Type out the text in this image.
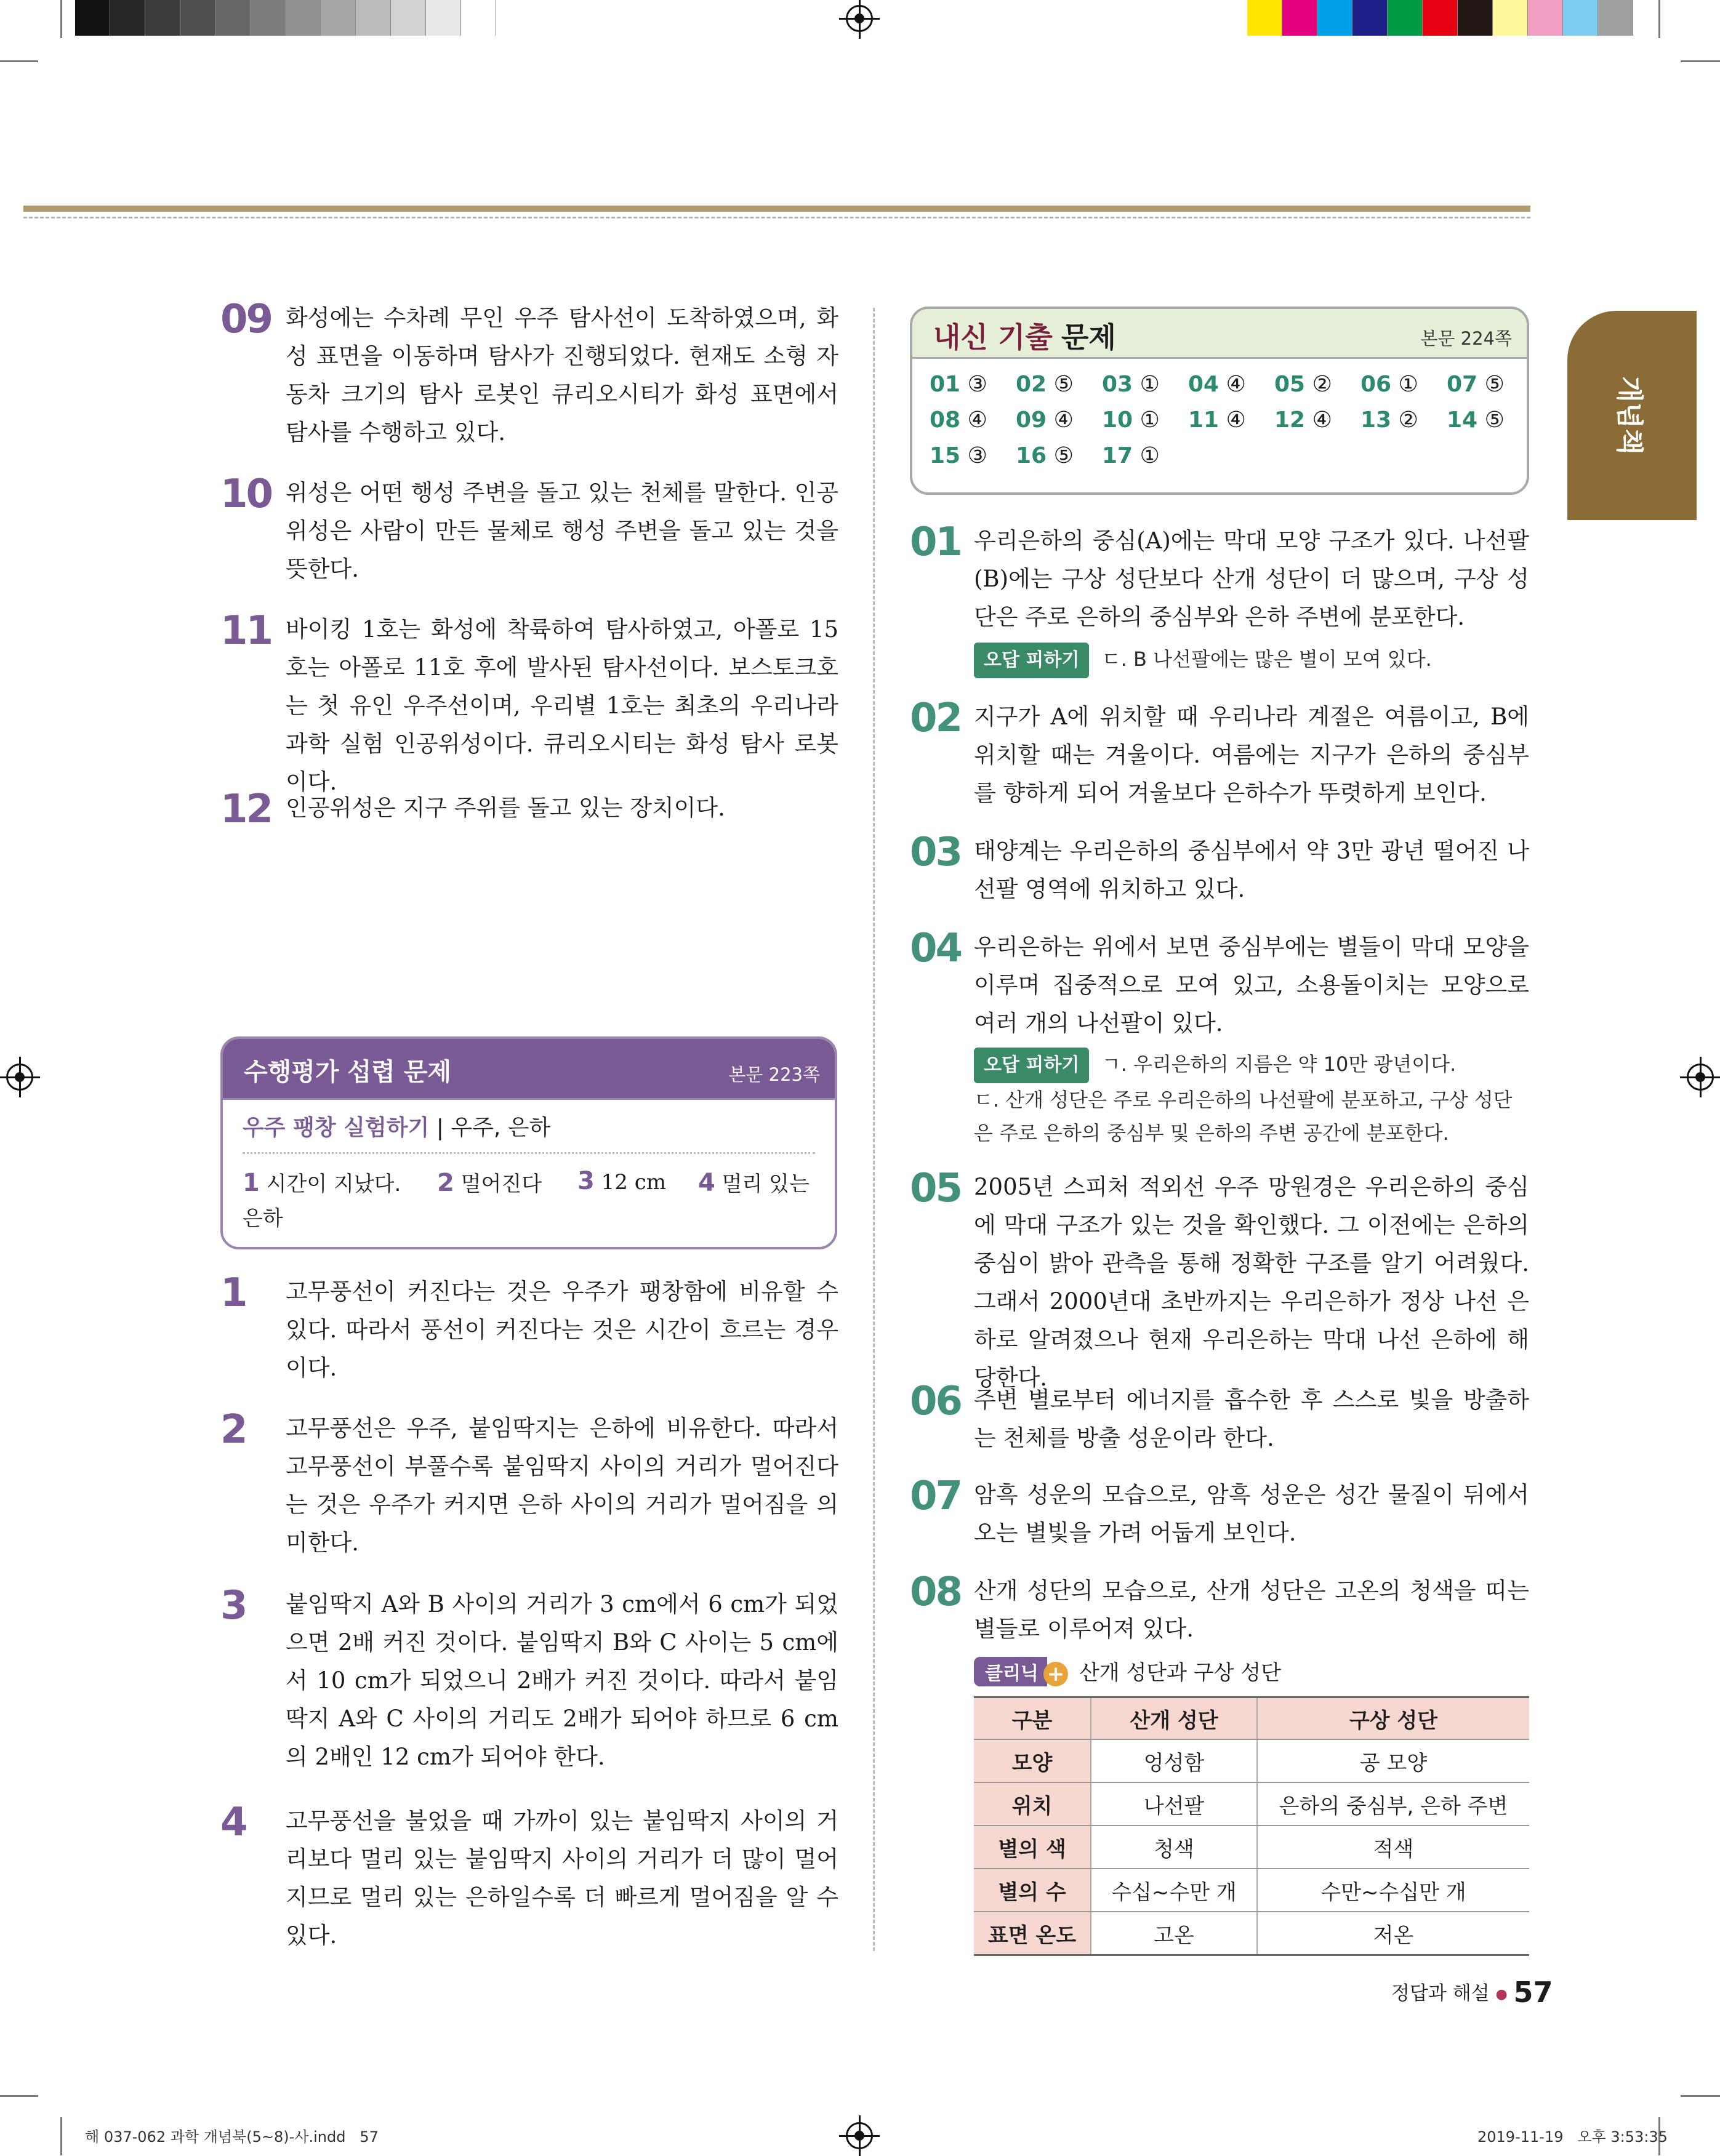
개념책
09 화성에는 수차례 무인 우주 탐사선이 도착하였으며, 화성 표면을 이동하며 탐사가 진행되었다. 현재도 소형 자동차 크기의 탐사 로봇인 큐리오시티가 화성 표면에서 탐사를 수행하고 있다.
10 위성은 어떤 행성 주변을 돌고 있는 천체를 말한다. 인공위성은 사람이 만든 물체로 행성 주변을 돌고 있는 것을 뜻한다.
11 바이킹 1호는 화성에 착륙하여 탐사하였고, 아폴로 15호는 아폴로 11호 후에 발사된 탐사선이다. 보스토크호는 첫 유인 우주선이며, 우리별 1호는 최초의 우리나라 과학 실험 인공위성이다. 큐리오시티는 화성 탐사 로봇이다.
12 인공위성은 지구 주위를 돌고 있는 장치이다.
수행평가 섭렵 문제	본문 223쪽
우주 팽창 실험하기 | 우주, 은하
1 시간이 지났다. 2 멀어진다 3 12 cm 4 멀리 있는
은하
1 고무풍선이 커진다는 것은 우주가 팽창함에 비유할 수 있다. 따라서 풍선이 커진다는 것은 시간이 흐르는 경우이다.
2 고무풍선은 우주, 붙임딱지는 은하에 비유한다. 따라서 고무풍선이 부풀수록 붙임딱지 사이의 거리가 멀어진다는 것은 우주가 커지면 은하 사이의 거리가 멀어짐을 의미한다.
3 붙임딱지 A와 B 사이의 거리가 3 cm에서 6 cm가 되었으면 2배 커진 것이다. 붙임딱지 B와 C 사이는 5 cm에서 10 cm가 되었으니 2배가 커진 것이다. 따라서 붙임딱지 A와 C 사이의 거리도 2배가 되어야 하므로 6 cm의 2배인 12 cm가 되어야 한다.
4 고무풍선을 불었을 때 가까이 있는 붙임딱지 사이의 거리보다 멀리 있는 붙임딱지 사이의 거리가 더 많이 멀어지므로 멀리 있는 은하일수록 더 빠르게 멀어짐을 알 수 있다.
내신 기출 문제	본문 224쪽
01 ③ 02 ⑤ 03 ① 04 ④ 05 ② 06 ① 07 ⑤
08 ④ 09 ④ 10 ① 11 ④ 12 ④ 13 ② 14 ⑤
15 ③ 16 ⑤ 17 ①
01 우리은하의 중심(A)에는 막대 모양 구조가 있다. 나선팔(B)에는 구상 성단보다 산개 성단이 더 많으며, 구상 성단은 주로 은하의 중심부와 은하 주변에 분포한다.
오답 피하기 ㄷ. B 나선팔에는 많은 별이 모여 있다.
02 지구가 A에 위치할 때 우리나라 계절은 여름이고, B에 위치할 때는 겨울이다. 여름에는 지구가 은하의 중심부를 향하게 되어 겨울보다 은하수가 뚜렷하게 보인다.
03 태양계는 우리은하의 중심부에서 약 3만 광년 떨어진 나선팔 영역에 위치하고 있다.
04 우리은하는 위에서 보면 중심부에는 별들이 막대 모양을 이루며 집중적으로 모여 있고, 소용돌이치는 모양으로 여러 개의 나선팔이 있다.
오답 피하기 ㄱ. 우리은하의 지름은 약 10만 광년이다.
ㄷ. 산개 성단은 주로 우리은하의 나선팔에 분포하고, 구상 성단은 주로 은하의 중심부 및 은하의 주변 공간에 분포한다.
05 2005년 스피처 적외선 우주 망원경은 우리은하의 중심에 막대 구조가 있는 것을 확인했다. 그 이전에는 은하의 중심이 밝아 관측을 통해 정확한 구조를 알기 어려웠다. 그래서 2000년대 초반까지는 우리은하가 정상 나선 은하로 알려졌으나 현재 우리은하는 막대 나선 은하에 해당한다.
06 주변 별로부터 에너지를 흡수한 후 스스로 빛을 방출하는 천체를 방출 성운이라 한다.
07 암흑 성운의 모습으로, 암흑 성운은 성간 물질이 뒤에서 오는 별빛을 가려 어둡게 보인다.
08 산개 성단의 모습으로, 산개 성단은 고온의 청색을 띠는 별들로 이루어져 있다.
클리닉 + 산개 성단과 구상 성단
구분	산개 성단	구상 성단
모양	엉성함	공 모양
위치	나선팔	은하의 중심부, 은하 주변
별의 색	청색	적색
별의 수	수십~수만 개	수만~수십만 개
표면 온도	고온	저온
정답과 해설 ● 57
해 037-062 과학 개념북(5~8)-사.indd   57	2019-11-19   오후 3:53:35
